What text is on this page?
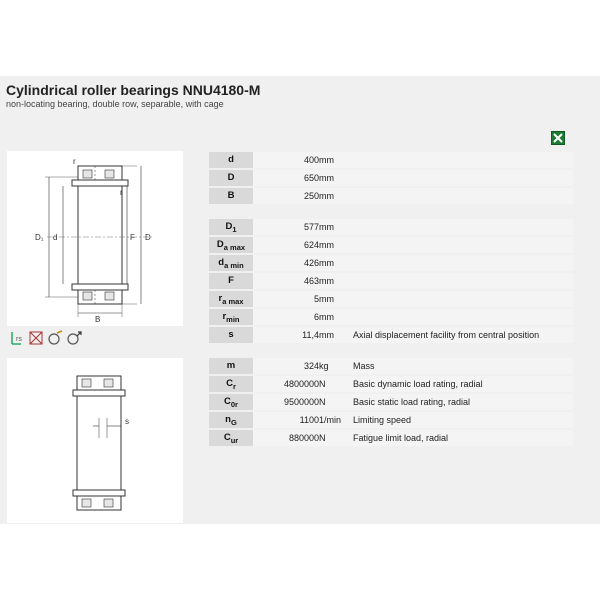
Cylindrical roller bearings NNU4180-M

non-locating bearing, double row, separable, with cage

r
r
D₁ d	F D
B
rs
s
d	400	mm	
D	650	mm	
B	250	mm	
$D_1$	577	mm	
$D_{a max}$	624	mm	
$d_{a min}$	426	mm	
F	463	mm	
$r_{a max}$	5	mm	
$r_{min}$	6	mm	
s	11,4	mm	Axial displacement facility from central position
m	324	kg	Mass
$C_r$	4800000	N	Basic dynamic load rating, radial
$C_{0r}$	9500000	N	Basic static load rating, radial
$n_G$	1100	1/min	Limiting speed
$C_{ur}$	880000	N	Fatigue limit load, radial
